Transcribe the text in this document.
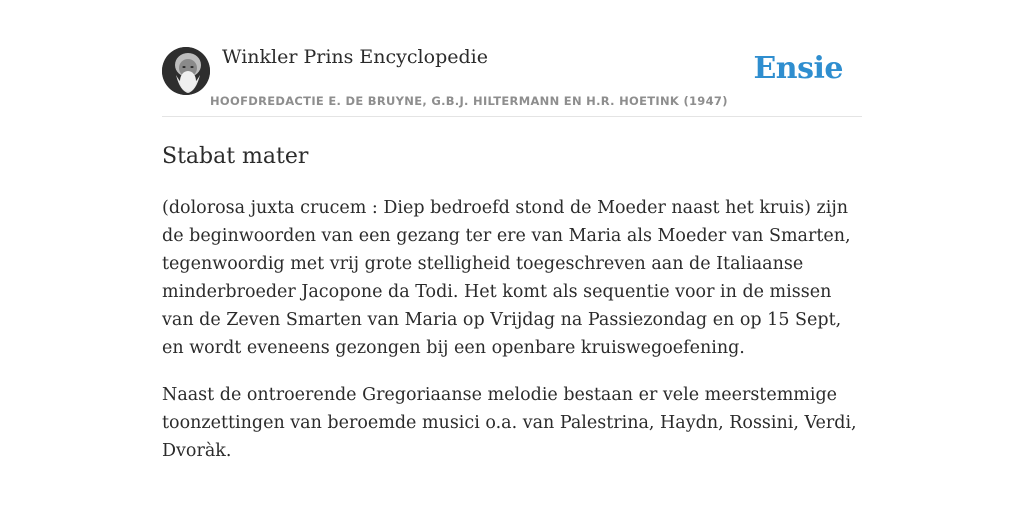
Winkler Prins Encyclopedie
HOOFDREDACTIE E. DE BRUYNE, G.B.J. HILTERMANN EN H.R. HOETINK (1947)
Ensie
Stabat mater

(dolorosa juxta crucem : Diep bedroefd stond de Moeder naast het kruis) zijn de beginwoorden van een gezang ter ere van Maria als Moeder van Smarten, tegenwoordig met vrij grote stelligheid toegeschreven aan de Italiaanse minderbroeder Jacopone da Todi. Het komt als sequentie voor in de missen van de Zeven Smarten van Maria op Vrijdag na Passiezondag en op 15 Sept, en wordt eveneens gezongen bij een openbare kruiswegoefening.

Naast de ontroerende Gregoriaanse melodie bestaan er vele meerstemmige toonzettingen van beroemde musici o.a. van Palestrina, Haydn, Rossini, Verdi, Dvoràk.
